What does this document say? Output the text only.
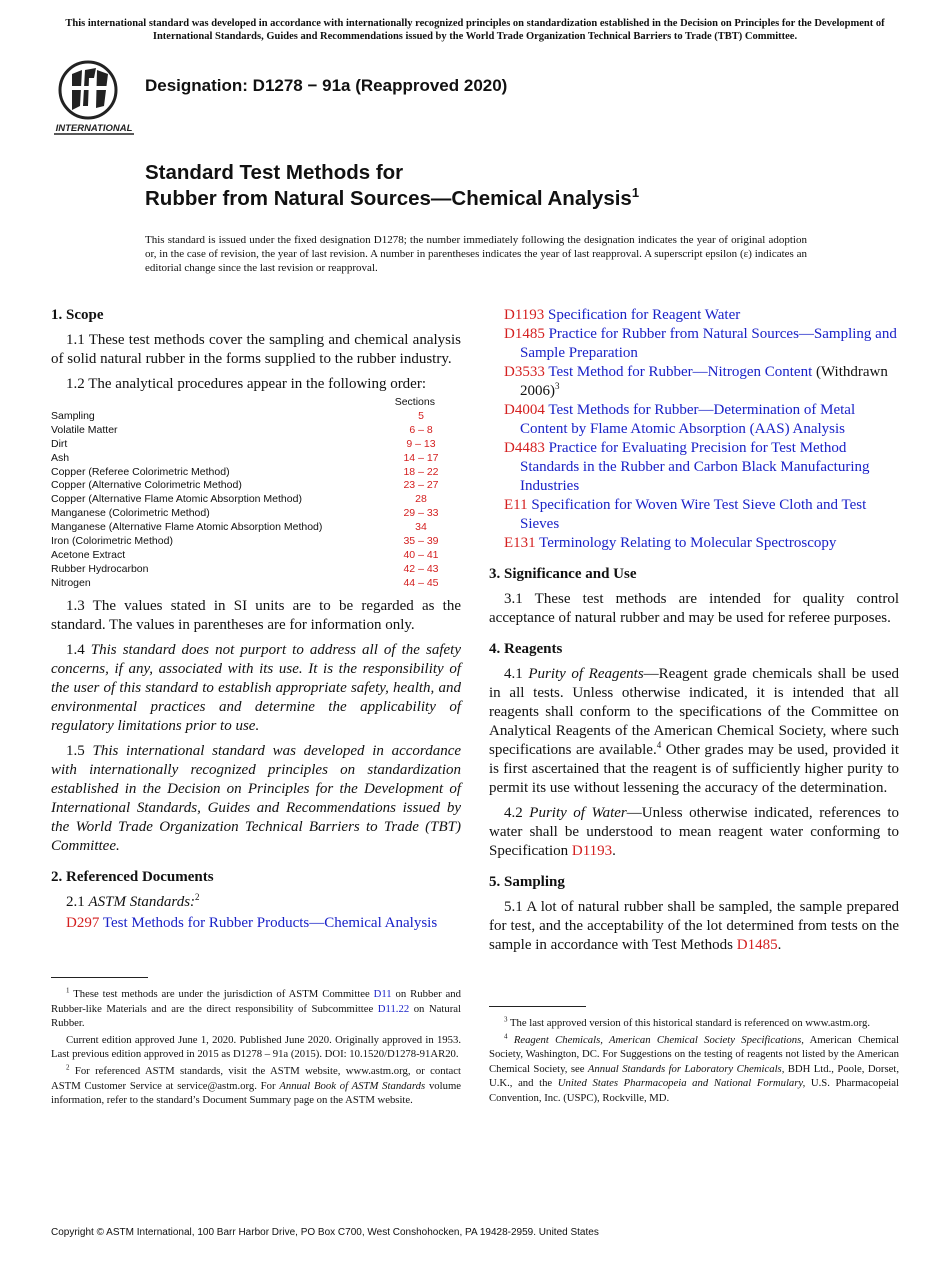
This international standard was developed in accordance with internationally recognized principles on standardization established in the Decision on Principles for the Development of International Standards, Guides and Recommendations issued by the World Trade Organization Technical Barriers to Trade (TBT) Committee.
INTERNATIONAL
Designation: D1278 − 91a (Reapproved 2020)
Standard Test Methods for
Rubber from Natural Sources—Chemical Analysis$^1$
This standard is issued under the fixed designation D1278; the number immediately following the designation indicates the year of original adoption or, in the case of revision, the year of last revision. A number in parentheses indicates the year of last reapproval. A superscript epsilon (ε) indicates an editorial change since the last revision or reapproval.
1. Scope

1.1 These test methods cover the sampling and chemical analysis of solid natural rubber in the forms supplied to the rubber industry.

1.2 The analytical procedures appear in the following order:

Sections
Sampling	5
Volatile Matter	6 – 8
Dirt	9 – 13
Ash	14 – 17
Copper (Referee Colorimetric Method)	18 – 22
Copper (Alternative Colorimetric Method)	23 – 27
Copper (Alternative Flame Atomic Absorption Method)	28
Manganese (Colorimetric Method)	29 – 33
Manganese (Alternative Flame Atomic Absorption Method)	34
Iron (Colorimetric Method)	35 – 39
Acetone Extract	40 – 41
Rubber Hydrocarbon	42 – 43
Nitrogen	44 – 45

1.3 The values stated in SI units are to be regarded as the standard. The values in parentheses are for information only.

1.4 This standard does not purport to address all of the safety concerns, if any, associated with its use. It is the responsibility of the user of this standard to establish appropriate safety, health, and environmental practices and determine the applicability of regulatory limitations prior to use.

1.5 This international standard was developed in accordance with internationally recognized principles on standardization established in the Decision on Principles for the Development of International Standards, Guides and Recommendations issued by the World Trade Organization Technical Barriers to Trade (TBT) Committee.

2. Referenced Documents

2.1 ASTM Standards:$^2$

D297 Test Methods for Rubber Products—Chemical Analysis

D1193 Specification for Reagent Water

D1485 Practice for Rubber from Natural Sources—Sampling and Sample Preparation

D3533 Test Method for Rubber—Nitrogen Content (Withdrawn 2006)$^3$

D4004 Test Methods for Rubber—Determination of Metal Content by Flame Atomic Absorption (AAS) Analysis

D4483 Practice for Evaluating Precision for Test Method Standards in the Rubber and Carbon Black Manufacturing Industries

E11 Specification for Woven Wire Test Sieve Cloth and Test Sieves

E131 Terminology Relating to Molecular Spectroscopy

3. Significance and Use

3.1 These test methods are intended for quality control acceptance of natural rubber and may be used for referee purposes.

4. Reagents

4.1 Purity of Reagents—Reagent grade chemicals shall be used in all tests. Unless otherwise indicated, it is intended that all reagents shall conform to the specifications of the Committee on Analytical Reagents of the American Chemical Society, where such specifications are available.$^4$ Other grades may be used, provided it is first ascertained that the reagent is of sufficiently higher purity to permit its use without lessening the accuracy of the determination.

4.2 Purity of Water—Unless otherwise indicated, references to water shall be understood to mean reagent water conforming to Specification D1193.

5. Sampling

5.1 A lot of natural rubber shall be sampled, the sample prepared for test, and the acceptability of the lot determined from tests on the sample in accordance with Test Methods D1485.

$^1$ These test methods are under the jurisdiction of ASTM Committee D11 on Rubber and Rubber-like Materials and are the direct responsibility of Subcommittee D11.22 on Natural Rubber.

Current edition approved June 1, 2020. Published June 2020. Originally approved in 1953. Last previous edition approved in 2015 as D1278 – 91a (2015). DOI: 10.1520/D1278-91AR20.

$^2$ For referenced ASTM standards, visit the ASTM website, www.astm.org, or contact ASTM Customer Service at service@astm.org. For Annual Book of ASTM Standards volume information, refer to the standard’s Document Summary page on the ASTM website.

$^3$ The last approved version of this historical standard is referenced on www.astm.org.

$^4$ Reagent Chemicals, American Chemical Society Specifications, American Chemical Society, Washington, DC. For Suggestions on the testing of reagents not listed by the American Chemical Society, see Annual Standards for Laboratory Chemicals, BDH Ltd., Poole, Dorset, U.K., and the United States Pharmacopeia and National Formulary, U.S. Pharmacopeial Convention, Inc. (USPC), Rockville, MD.

Copyright © ASTM International, 100 Barr Harbor Drive, PO Box C700, West Conshohocken, PA 19428-2959. United States
